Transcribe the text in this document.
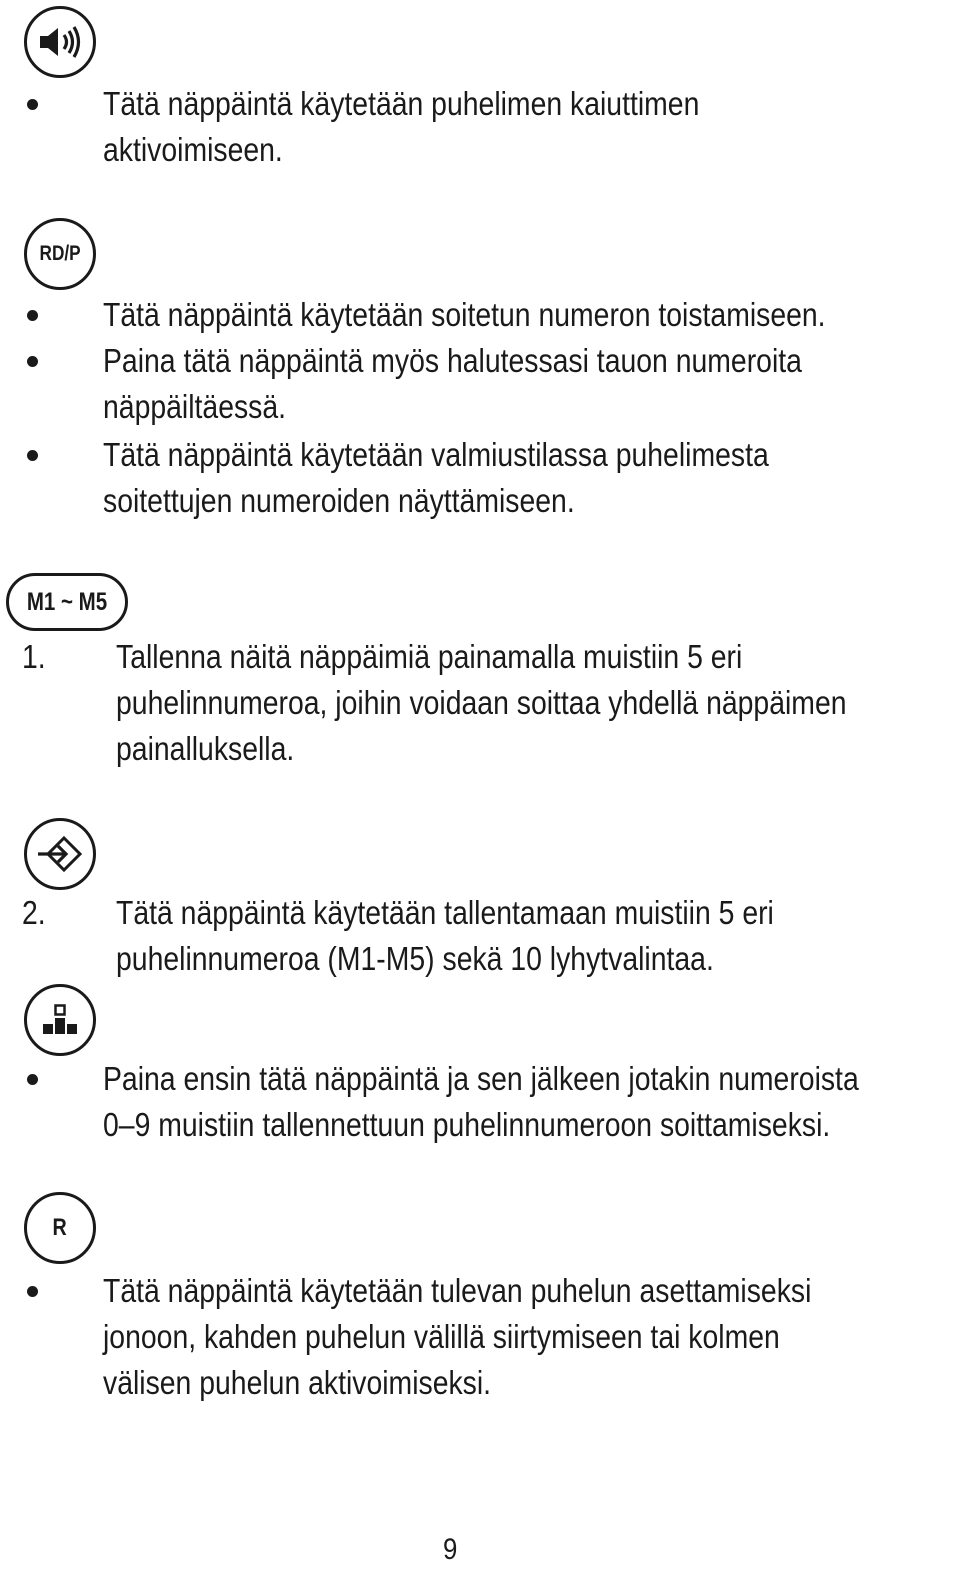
Tätä näppäintä käytetään puhelimen kaiuttimen
aktivoimiseen.
RD/P
Tätä näppäintä käytetään soitetun numeron toistamiseen.
Paina tätä näppäintä myös halutessasi tauon numeroita
näppäiltäessä.
Tätä näppäintä käytetään valmiustilassa puhelimesta
soitettujen numeroiden näyttämiseen.
M1 ~ M5
1. Tallenna näitä näppäimiä painamalla muistiin 5 eri
puhelinnumeroa, joihin voidaan soittaa yhdellä näppäimen
painalluksella.
2. Tätä näppäintä käytetään tallentamaan muistiin 5 eri
puhelinnumeroa (M1-M5) sekä 10 lyhytvalintaa.
Paina ensin tätä näppäintä ja sen jälkeen jotakin numeroista
0–9 muistiin tallennettuun puhelinnumeroon soittamiseksi.
R
Tätä näppäintä käytetään tulevan puhelun asettamiseksi
jonoon, kahden puhelun välillä siirtymiseen tai kolmen
välisen puhelun aktivoimiseksi.
9
